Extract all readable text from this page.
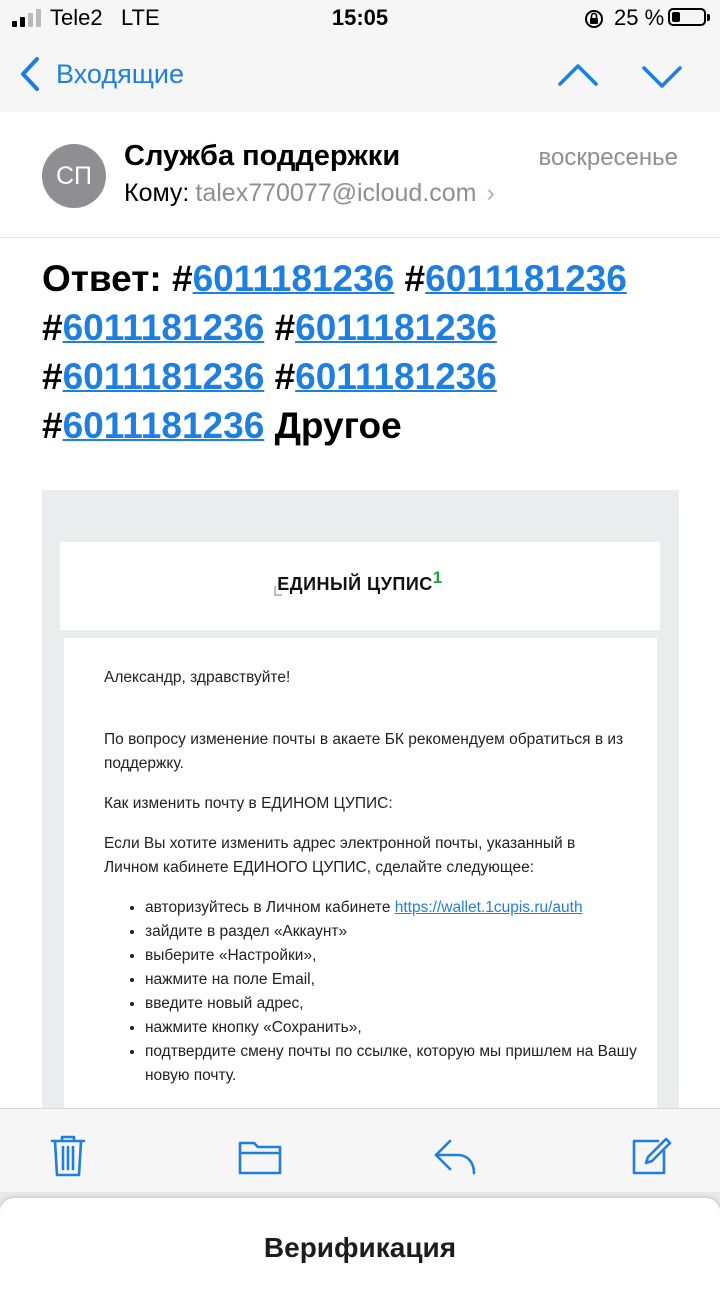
Tele2 LTE	15:05	25 %
Входящие
СП
Служба поддержки	воскресенье
Кому: talex770077@icloud.com ›
Ответ: #6011181236 #6011181236 #6011181236 #6011181236 #6011181236 #6011181236 #6011181236 Другое
ЕДИНЫЙ ЦУПИС1

Александр, здравствуйте!

По вопросу изменение почты в акаете БК рекомендуем обратиться в из поддержку.

Как изменить почту в ЕДИНОМ ЦУПИС:

Если Вы хотите изменить адрес электронной почты, указанный в Личном кабинете ЕДИНОГО ЦУПИС, сделайте следующее:

• авторизуйтесь в Личном кабинете https://wallet.1cupis.ru/auth
• зайдите в раздел «Аккаунт»
• выберите «Настройки»,
• нажмите на поле Email,
• введите новый адрес,
• нажмите кнопку «Сохранить»,
• подтвердите смену почты по ссылке, которую мы пришлем на Вашу новую почту.
Верификация
